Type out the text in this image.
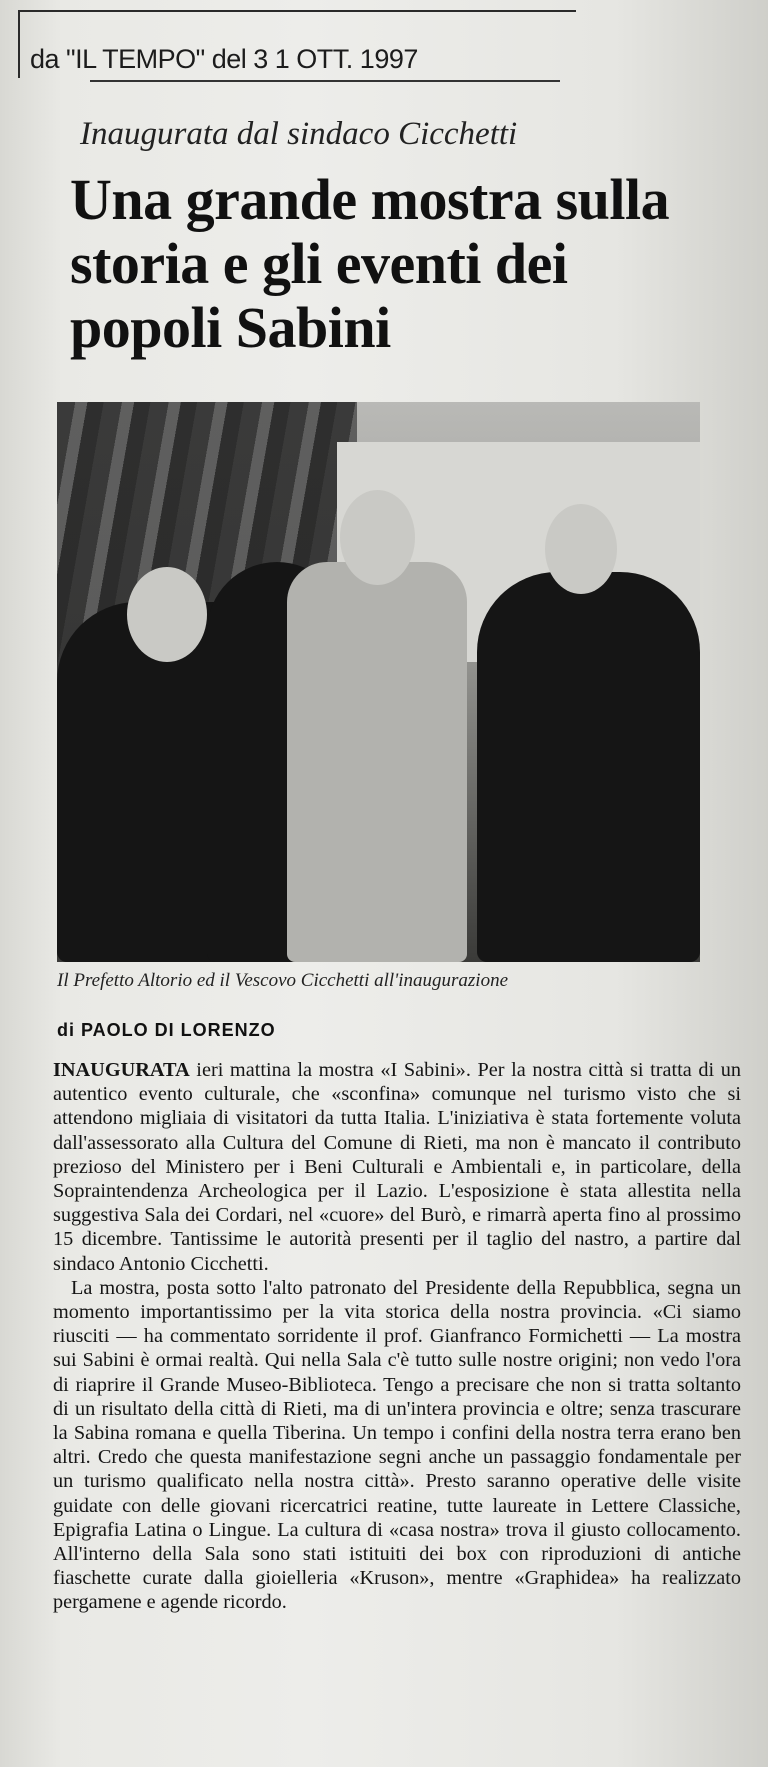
da "IL TEMPO" del 3 1 OTT. 1997
Inaugurata dal sindaco Cicchetti
Una grande mostra sulla storia e gli eventi dei popoli Sabini
Il Prefetto Altorio ed il Vescovo Cicchetti all'inaugurazione
di PAOLO DI LORENZO

INAUGURATA ieri mattina la mostra «I Sabini». Per la nostra città si tratta di un autentico evento culturale, che «sconfina» comunque nel turismo visto che si attendono migliaia di visitatori da tutta Italia. L'iniziativa è stata fortemente voluta dall'assessorato alla Cultura del Comune di Rieti, ma non è mancato il contributo prezioso del Ministero per i Beni Culturali e Ambientali e, in particolare, della Sopraintendenza Archeologica per il Lazio. L'esposizione è stata allestita nella suggestiva Sala dei Cordari, nel «cuore» del Burò, e rimarrà aperta fino al prossimo 15 dicembre. Tantissime le autorità presenti per il taglio del nastro, a partire dal sindaco Antonio Cicchetti.

La mostra, posta sotto l'alto patronato del Presidente della Repubblica, segna un momento importantissimo per la vita storica della nostra provincia. «Ci siamo riusciti — ha commentato sorridente il prof. Gianfranco Formichetti — La mostra sui Sabini è ormai realtà. Qui nella Sala c'è tutto sulle nostre origini; non vedo l'ora di riaprire il Grande Museo-Biblioteca. Tengo a precisare che non si tratta soltanto di un risultato della città di Rieti, ma di un'intera provincia e oltre; senza trascurare la Sabina romana e quella Tiberina. Un tempo i confini della nostra terra erano ben altri. Credo che questa manifestazione segni anche un passaggio fondamentale per un turismo qualificato nella nostra città». Presto saranno operative delle visite guidate con delle giovani ricercatrici reatine, tutte laureate in Lettere Classiche, Epigrafia Latina o Lingue. La cultura di «casa nostra» trova il giusto collocamento. All'interno della Sala sono stati istituiti dei box con riproduzioni di antiche fiaschette curate dalla gioielleria «Kruson», mentre «Graphidea» ha realizzato pergamene e agende ricordo.
